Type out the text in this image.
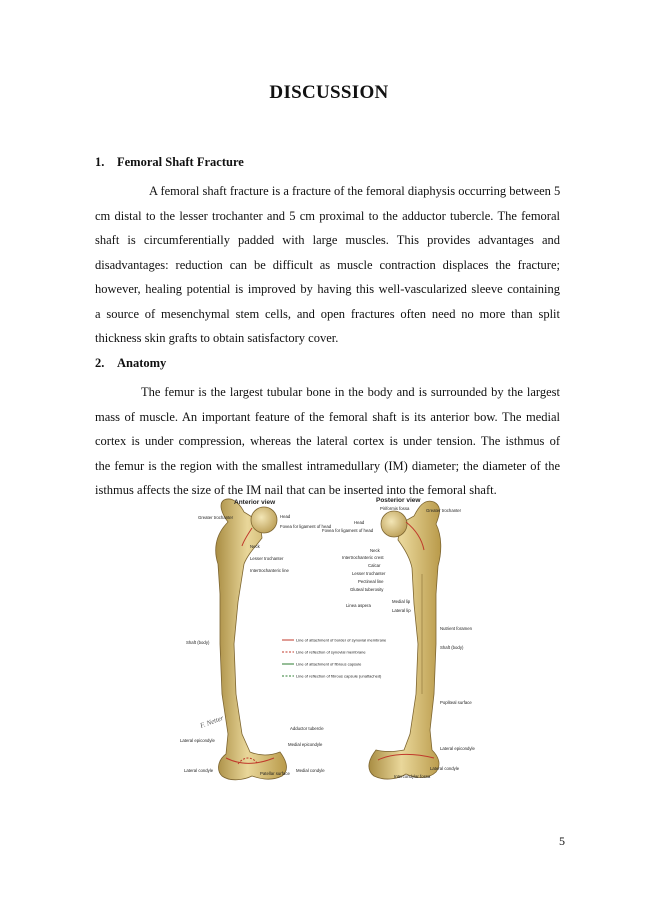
DISCUSSION
1. Femoral Shaft Fracture
A femoral shaft fracture is a fracture of the femoral diaphysis occurring between 5
cm distal to the lesser trochanter and 5 cm proximal to the adductor tubercle. The femoral
shaft is circumferentially padded with large muscles. This provides advantages and
disadvantages: reduction can be difficult as muscle contraction displaces the fracture;
however, healing potential is improved by having this well-vascularized sleeve containing
a source of mesenchymal stem cells, and open fractures often need no more than split
thickness skin grafts to obtain satisfactory cover.
2. Anatomy
The femur is the largest tubular bone in the body and is surrounded by the largest
mass of muscle. An important feature of the femoral shaft is its anterior bow. The medial
cortex is under compression, whereas the lateral cortex is under tension. The isthmus of
the femur is the region with the smallest intramedullary (IM) diameter; the diameter of the
isthmus affects the size of the IM nail that can be inserted into the femoral shaft.
Anterior view	Posterior view
Greater trochanter	Head
Fovea for ligament of head
Neck
Lesser trochanter
Intertrochanteric line
Shaft (body)
Adductor tubercle
Lateral epicondyle
Medial epicondyle
Lateral condyle
Patellar surface
Medial condyle
Piriformis fossa	Greater trochanter
Fovea for ligament of head
Head
Neck
Intertrochanteric crest
Calcar
Lesser trochanter
Pectineal line
Gluteal tuberosity
Linea aspera
Medial lip
Lateral lip
Nutrient foramen
Shaft (body)
Popliteal surface
Lateral epicondyle
Lateral condyle
Intercondylar fossa
Line of attachment of border of synovial membrane
Line of reflection of synovial membrane
Line of attachment of fibrous capsule
Line of reflection of fibrous capsule (unattached)
F. Netter
5
